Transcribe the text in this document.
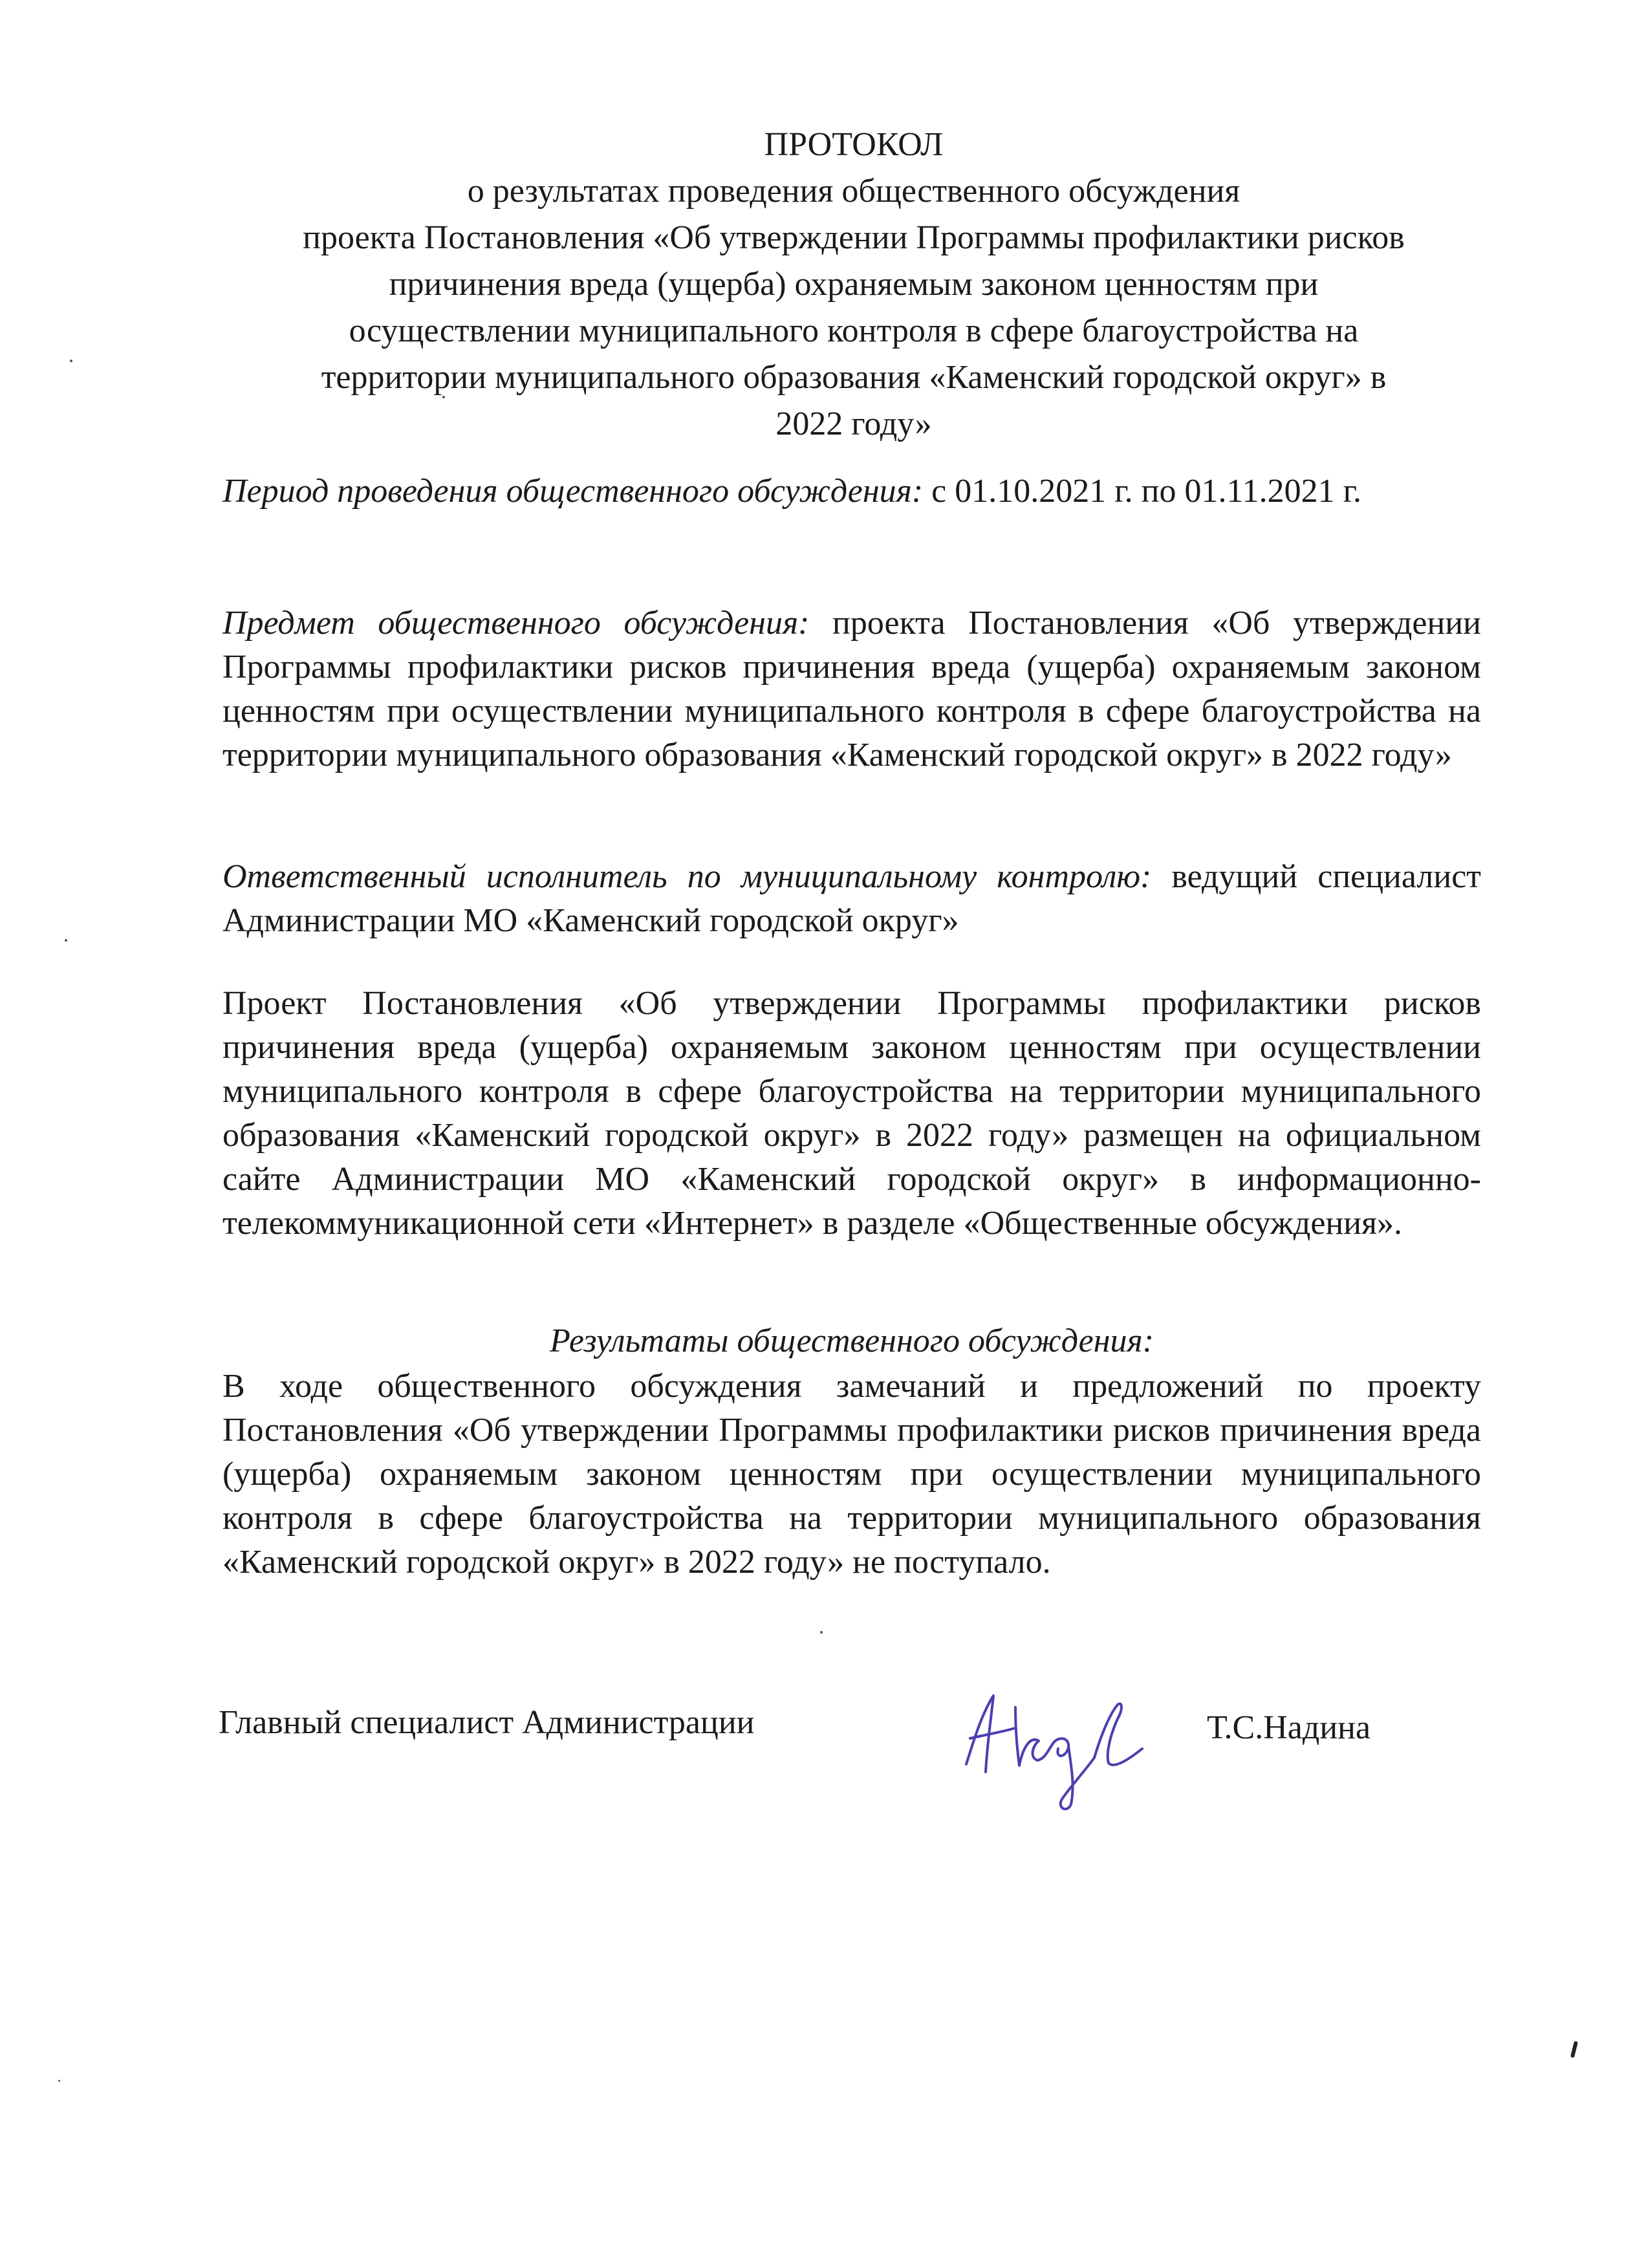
ПРОТОКОЛ
о результатах проведения общественного обсуждения
проекта Постановления «Об утверждении Программы профилактики рисков
причинения вреда (ущерба) охраняемым законом ценностям при
осуществлении муниципального контроля в сфере благоустройства на
территории муниципального образования «Каменский городской округ» в
2022 году»
Период проведения общественного обсуждения: с 01.10.2021 г. по 01.11.2021 г.
Предмет общественного обсуждения: проекта Постановления «Об утверждении Программы профилактики рисков причинения вреда (ущерба) охраняемым законом ценностям при осуществлении муниципального контроля в сфере благоустройства на территории муниципального образования «Каменский городской округ» в 2022 году»
Ответственный исполнитель по муниципальному контролю: ведущий специалист Администрации МО «Каменский городской округ»
Проект Постановления «Об утверждении Программы профилактики рисков причинения вреда (ущерба) охраняемым законом ценностям при осуществлении муниципального контроля в сфере благоустройства на территории муниципального образования «Каменский городской округ» в 2022 году» размещен на официальном сайте Администрации МО «Каменский городской округ» в информационно-телекоммуникационной сети «Интернет» в разделе «Общественные обсуждения».
Результаты общественного обсуждения:
В ходе общественного обсуждения замечаний и предложений по проекту Постановления «Об утверждении Программы профилактики рисков причинения вреда (ущерба) охраняемым законом ценностям при осуществлении муниципального контроля в сфере благоустройства на территории муниципального образования «Каменский городской округ» в 2022 году» не поступало.
Главный специалист Администрации	Т.С.Надина
